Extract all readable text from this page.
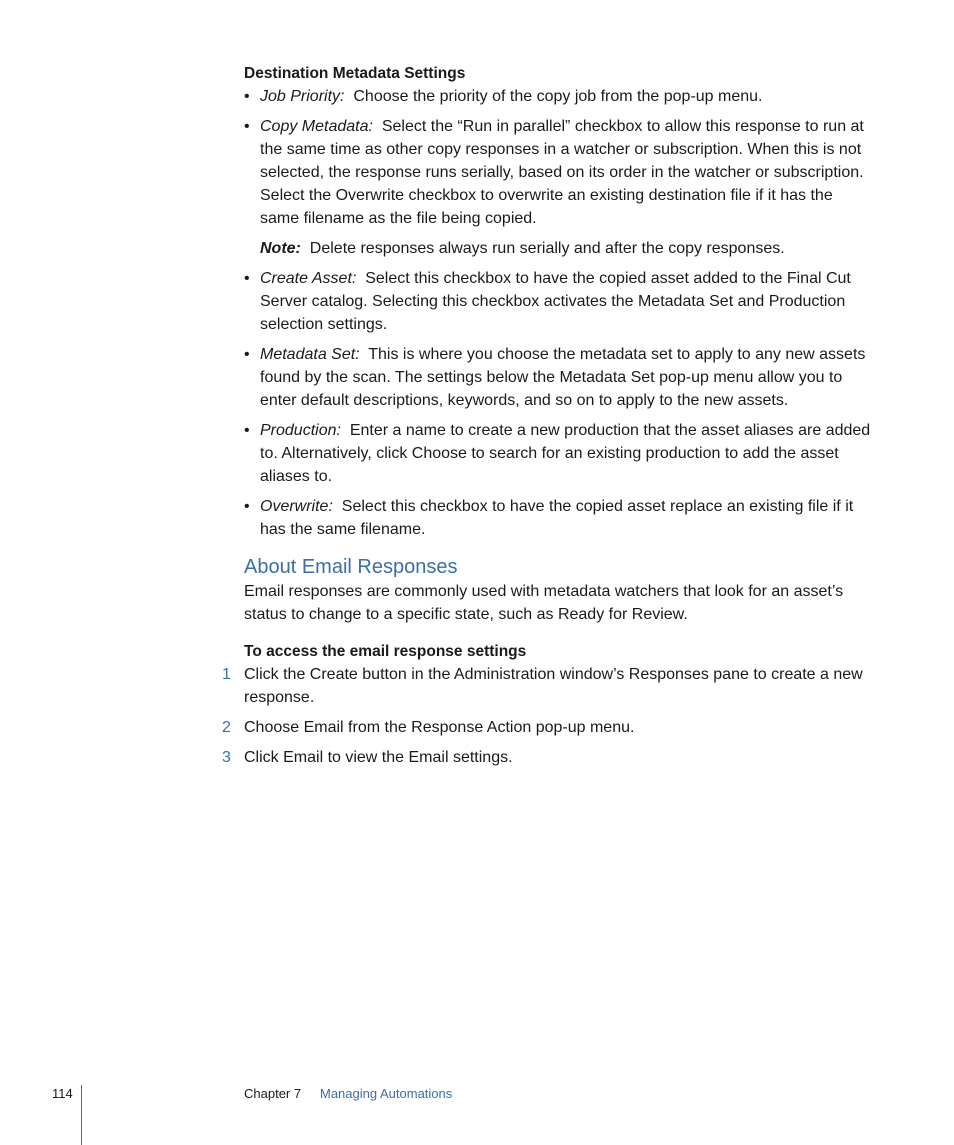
Destination Metadata Settings
• Job Priority: Choose the priority of the copy job from the pop-up menu.
• Copy Metadata: Select the “Run in parallel” checkbox to allow this response to run at the same time as other copy responses in a watcher or subscription. When this is not selected, the response runs serially, based on its order in the watcher or subscription. Select the Overwrite checkbox to overwrite an existing destination file if it has the same filename as the file being copied.

Note: Delete responses always run serially and after the copy responses.

• Create Asset: Select this checkbox to have the copied asset added to the Final Cut Server catalog. Selecting this checkbox activates the Metadata Set and Production selection settings.
• Metadata Set: This is where you choose the metadata set to apply to any new assets found by the scan. The settings below the Metadata Set pop-up menu allow you to enter default descriptions, keywords, and so on to apply to the new assets.
• Production: Enter a name to create a new production that the asset aliases are added to. Alternatively, click Choose to search for an existing production to add the asset aliases to.
• Overwrite: Select this checkbox to have the copied asset replace an existing file if it has the same filename.
About Email Responses

Email responses are commonly used with metadata watchers that look for an asset’s status to change to a specific state, such as Ready for Review.

To access the email response settings
1 Click the Create button in the Administration window’s Responses pane to create a new response.
2 Choose Email from the Response Action pop-up menu.
3 Click Email to view the Email settings.
114	Chapter 7 Managing Automations
